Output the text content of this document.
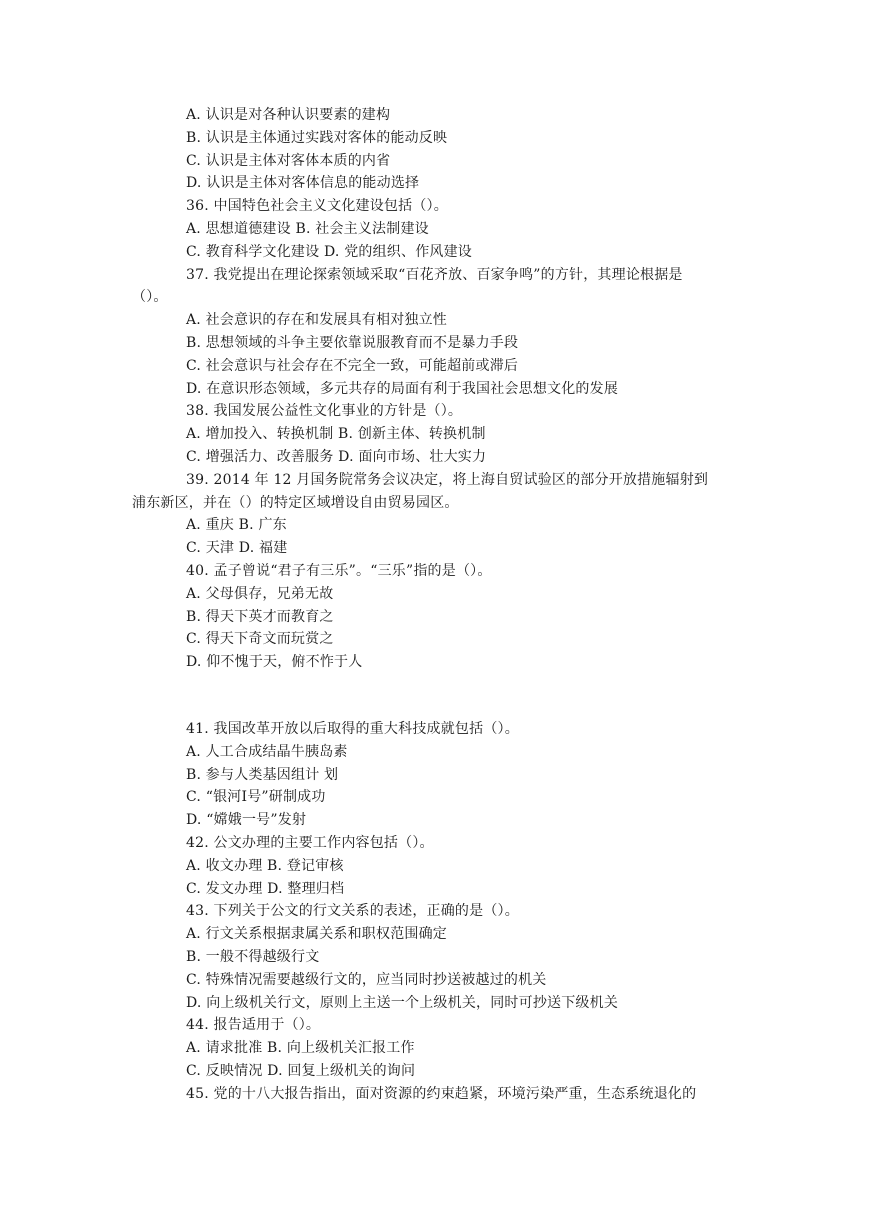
A. 认识是对各种认识要素的建构
B. 认识是主体通过实践对客体的能动反映
C. 认识是主体对客体本质的内省
D. 认识是主体对客体信息的能动选择
36. 中国特色社会主义文化建设包括（）。
A. 思想道德建设 B. 社会主义法制建设
C. 教育科学文化建设 D. 党的组织、作风建设
37. 我党提出在理论探索领域采取“百花齐放、百家争鸣”的方针，其理论根据是
（）。
A. 社会意识的存在和发展具有相对独立性
B. 思想领域的斗争主要依靠说服教育而不是暴力手段
C. 社会意识与社会存在不完全一致，可能超前或滞后
D. 在意识形态领域，多元共存的局面有利于我国社会思想文化的发展
38. 我国发展公益性文化事业的方针是（）。
A. 增加投入、转换机制 B. 创新主体、转换机制
C. 增强活力、改善服务 D. 面向市场、壮大实力
39. 2014 年 12 月国务院常务会议决定，将上海自贸试验区的部分开放措施辐射到
浦东新区，并在（）的特定区域增设自由贸易园区。
A. 重庆 B. 广东
C. 天津 D. 福建
40. 孟子曾说“君子有三乐”。“三乐”指的是（）。
A. 父母俱存，兄弟无故
B. 得天下英才而教育之
C. 得天下奇文而玩赏之
D. 仰不愧于天，俯不怍于人
41. 我国改革开放以后取得的重大科技成就包括（）。
A. 人工合成结晶牛胰岛素
B. 参与人类基因组计 划
C. “银河Ⅰ号”研制成功
D. “嫦娥一号”发射
42. 公文办理的主要工作内容包括（）。
A. 收文办理 B. 登记审核
C. 发文办理 D. 整理归档
43. 下列关于公文的行文关系的表述，正确的是（）。
A. 行文关系根据隶属关系和职权范围确定
B. 一般不得越级行文
C. 特殊情况需要越级行文的，应当同时抄送被越过的机关
D. 向上级机关行文，原则上主送一个上级机关，同时可抄送下级机关
44. 报告适用于（）。
A. 请求批准 B. 向上级机关汇报工作
C. 反映情况 D. 回复上级机关的询问
45. 党的十八大报告指出，面对资源的约束趋紧，环境污染严重，生态系统退化的
